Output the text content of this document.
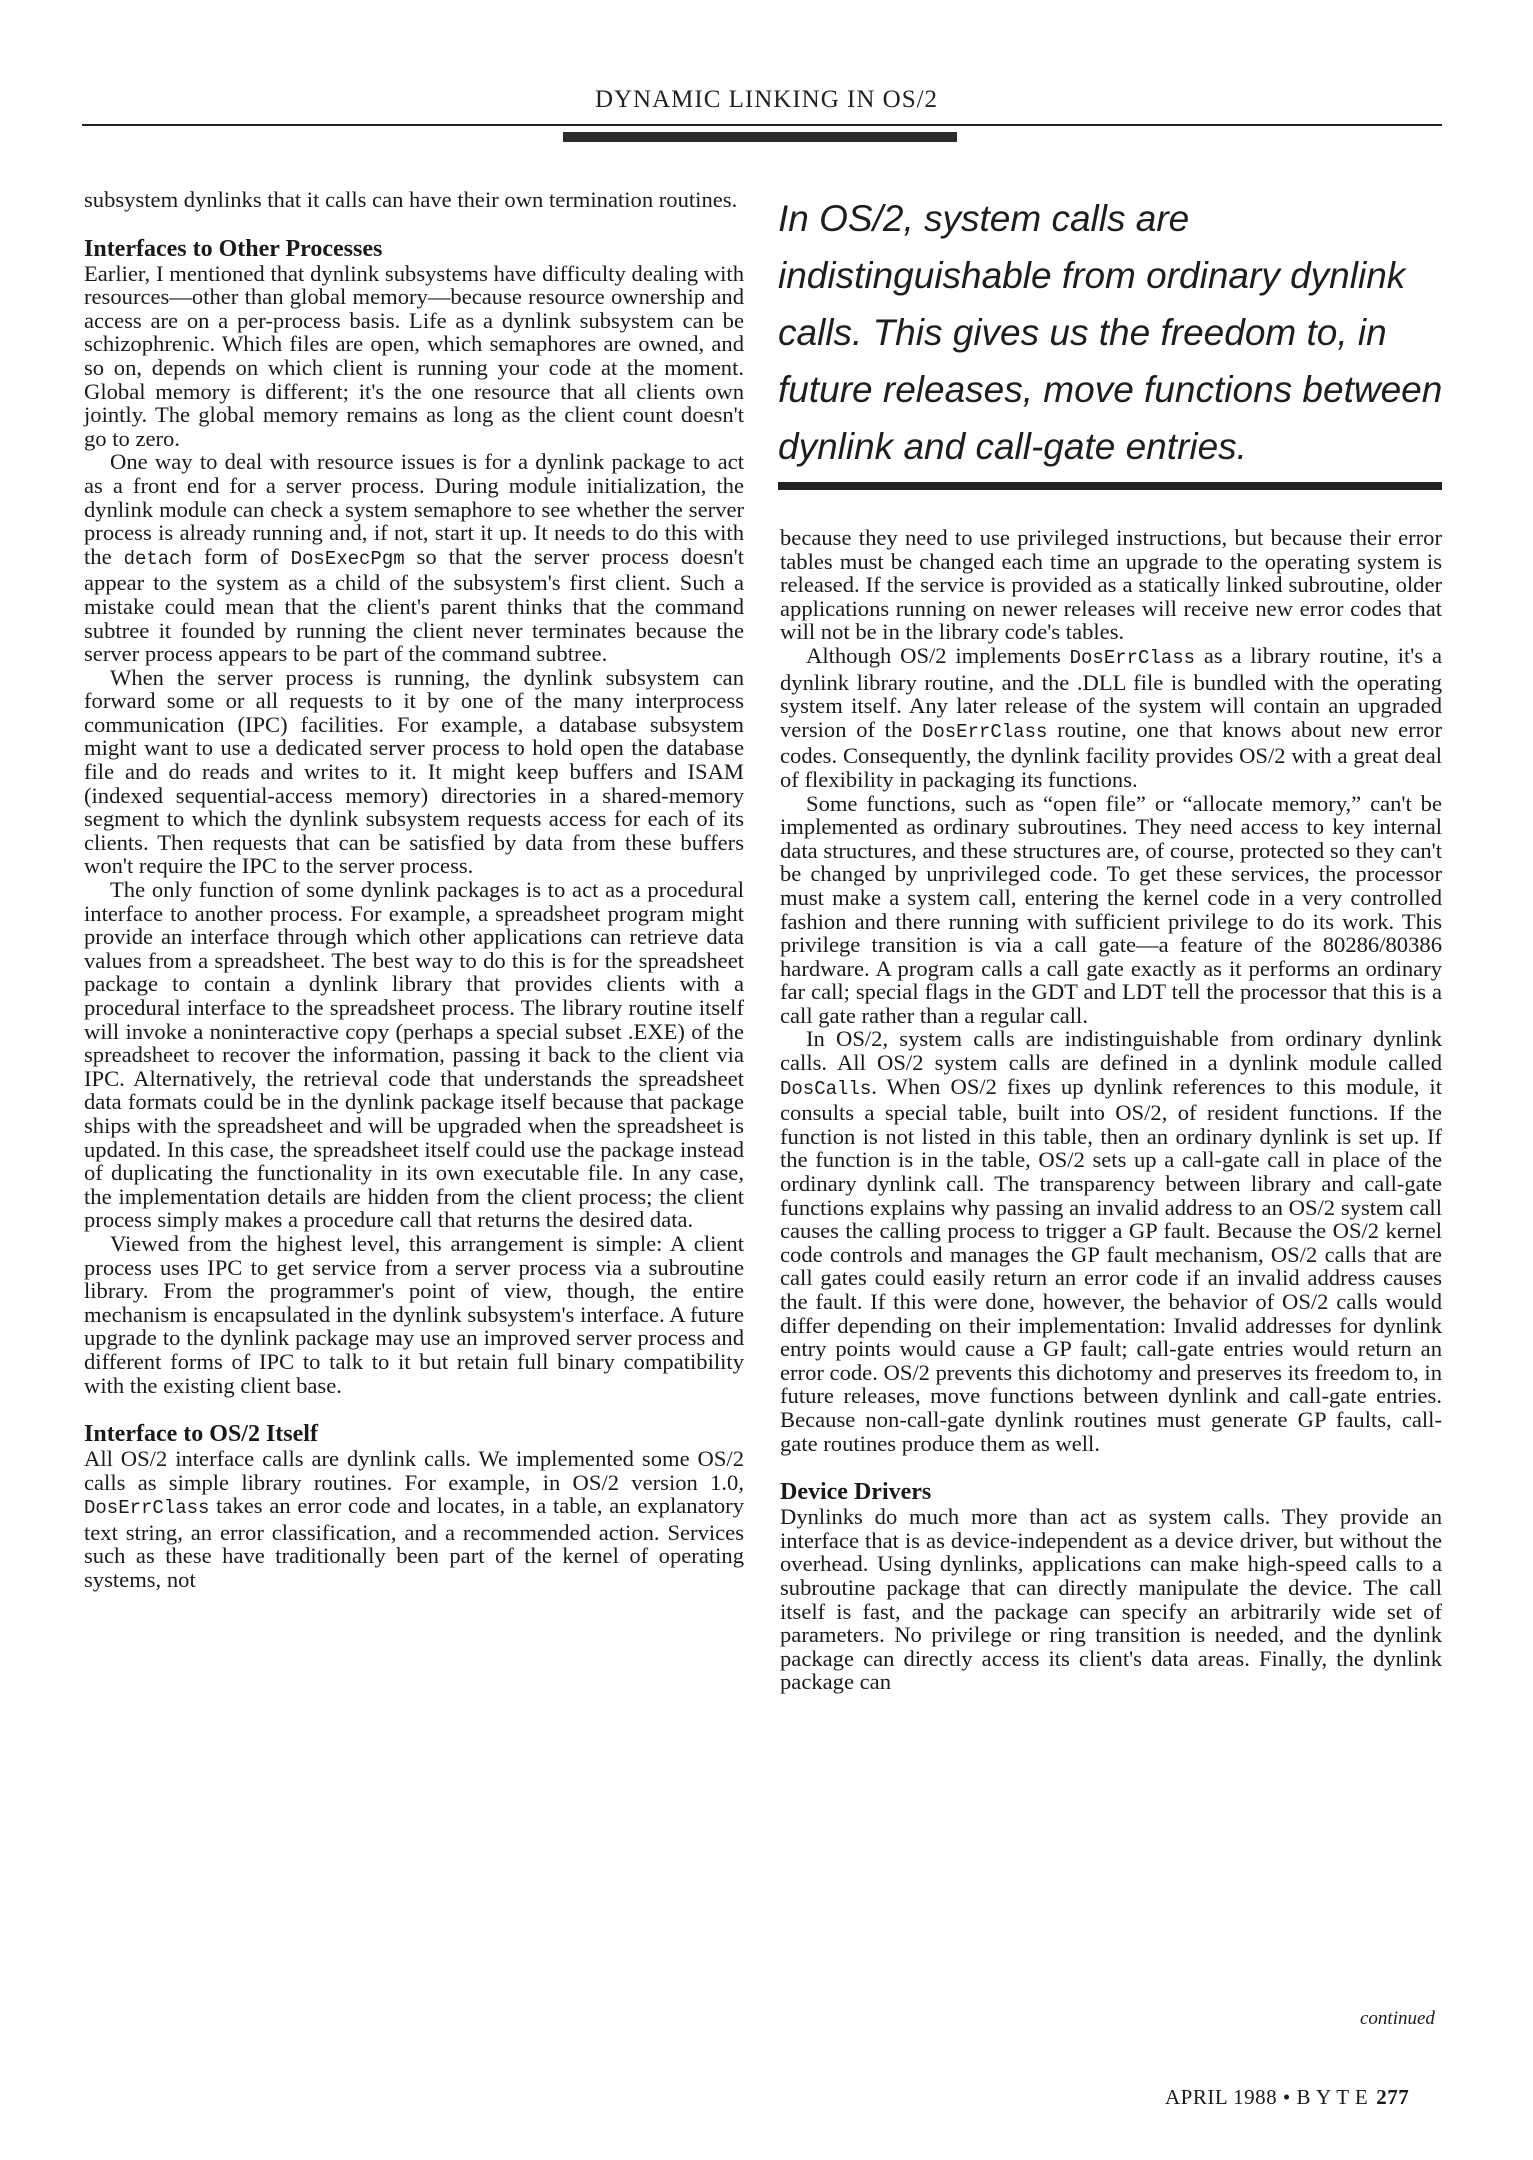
DYNAMIC LINKING IN OS/2

subsystem dynlinks that it calls can have their own termination routines.

Interfaces to Other Processes

Earlier, I mentioned that dynlink subsystems have difficulty dealing with resources—other than global memory—because resource ownership and access are on a per-process basis. Life as a dynlink subsystem can be schizophrenic. Which files are open, which semaphores are owned, and so on, depends on which client is running your code at the moment. Global memory is different; it's the one resource that all clients own jointly. The global memory remains as long as the client count doesn't go to zero.

One way to deal with resource issues is for a dynlink package to act as a front end for a server process. During module initialization, the dynlink module can check a system semaphore to see whether the server process is already running and, if not, start it up. It needs to do this with the detach form of DosExecPgm so that the server process doesn't appear to the system as a child of the subsystem's first client. Such a mistake could mean that the client's parent thinks that the command subtree it founded by running the client never terminates because the server process appears to be part of the command subtree.

When the server process is running, the dynlink subsystem can forward some or all requests to it by one of the many interprocess communication (IPC) facilities. For example, a database subsystem might want to use a dedicated server process to hold open the database file and do reads and writes to it. It might keep buffers and ISAM (indexed sequential-access memory) directories in a shared-memory segment to which the dynlink subsystem requests access for each of its clients. Then requests that can be satisfied by data from these buffers won't require the IPC to the server process.

The only function of some dynlink packages is to act as a procedural interface to another process. For example, a spreadsheet program might provide an interface through which other applications can retrieve data values from a spreadsheet. The best way to do this is for the spreadsheet package to contain a dynlink library that provides clients with a procedural interface to the spreadsheet process. The library routine itself will invoke a noninteractive copy (perhaps a special subset .EXE) of the spreadsheet to recover the information, passing it back to the client via IPC. Alternatively, the retrieval code that understands the spreadsheet data formats could be in the dynlink package itself because that package ships with the spreadsheet and will be upgraded when the spreadsheet is updated. In this case, the spreadsheet itself could use the package instead of duplicating the functionality in its own executable file. In any case, the implementation details are hidden from the client process; the client process simply makes a procedure call that returns the desired data.

Viewed from the highest level, this arrangement is simple: A client process uses IPC to get service from a server process via a subroutine library. From the programmer's point of view, though, the entire mechanism is encapsulated in the dynlink subsystem's interface. A future upgrade to the dynlink package may use an improved server process and different forms of IPC to talk to it but retain full binary compatibility with the existing client base.

Interface to OS/2 Itself

All OS/2 interface calls are dynlink calls. We implemented some OS/2 calls as simple library routines. For example, in OS/2 version 1.0, DosErrClass takes an error code and locates, in a table, an explanatory text string, an error classification, and a recommended action. Services such as these have traditionally been part of the kernel of operating systems, not

In OS/2, system calls are indistinguishable from ordinary dynlink calls. This gives us the freedom to, in future releases, move functions between dynlink and call-gate entries.

because they need to use privileged instructions, but because their error tables must be changed each time an upgrade to the operating system is released. If the service is provided as a statically linked subroutine, older applications running on newer releases will receive new error codes that will not be in the library code's tables.

Although OS/2 implements DosErrClass as a library routine, it's a dynlink library routine, and the .DLL file is bundled with the operating system itself. Any later release of the system will contain an upgraded version of the DosErrClass routine, one that knows about new error codes. Consequently, the dynlink facility provides OS/2 with a great deal of flexibility in packaging its functions.

Some functions, such as “open file” or “allocate memory,” can't be implemented as ordinary subroutines. They need access to key internal data structures, and these structures are, of course, protected so they can't be changed by unprivileged code. To get these services, the processor must make a system call, entering the kernel code in a very controlled fashion and there running with sufficient privilege to do its work. This privilege transition is via a call gate—a feature of the 80286/80386 hardware. A program calls a call gate exactly as it performs an ordinary far call; special flags in the GDT and LDT tell the processor that this is a call gate rather than a regular call.

In OS/2, system calls are indistinguishable from ordinary dynlink calls. All OS/2 system calls are defined in a dynlink module called DosCalls. When OS/2 fixes up dynlink references to this module, it consults a special table, built into OS/2, of resident functions. If the function is not listed in this table, then an ordinary dynlink is set up. If the function is in the table, OS/2 sets up a call-gate call in place of the ordinary dynlink call. The transparency between library and call-gate functions explains why passing an invalid address to an OS/2 system call causes the calling process to trigger a GP fault. Because the OS/2 kernel code controls and manages the GP fault mechanism, OS/2 calls that are call gates could easily return an error code if an invalid address causes the fault. If this were done, however, the behavior of OS/2 calls would differ depending on their implementation: Invalid addresses for dynlink entry points would cause a GP fault; call-gate entries would return an error code. OS/2 prevents this dichotomy and preserves its freedom to, in future releases, move functions between dynlink and call-gate entries. Because non-call-gate dynlink routines must generate GP faults, call-gate routines produce them as well.

Device Drivers

Dynlinks do much more than act as system calls. They provide an interface that is as device-independent as a device driver, but without the overhead. Using dynlinks, applications can make high-speed calls to a subroutine package that can directly manipulate the device. The call itself is fast, and the package can specify an arbitrarily wide set of parameters. No privilege or ring transition is needed, and the dynlink package can directly access its client's data areas. Finally, the dynlink package can

continued
APRIL 1988 • B Y T E 277
